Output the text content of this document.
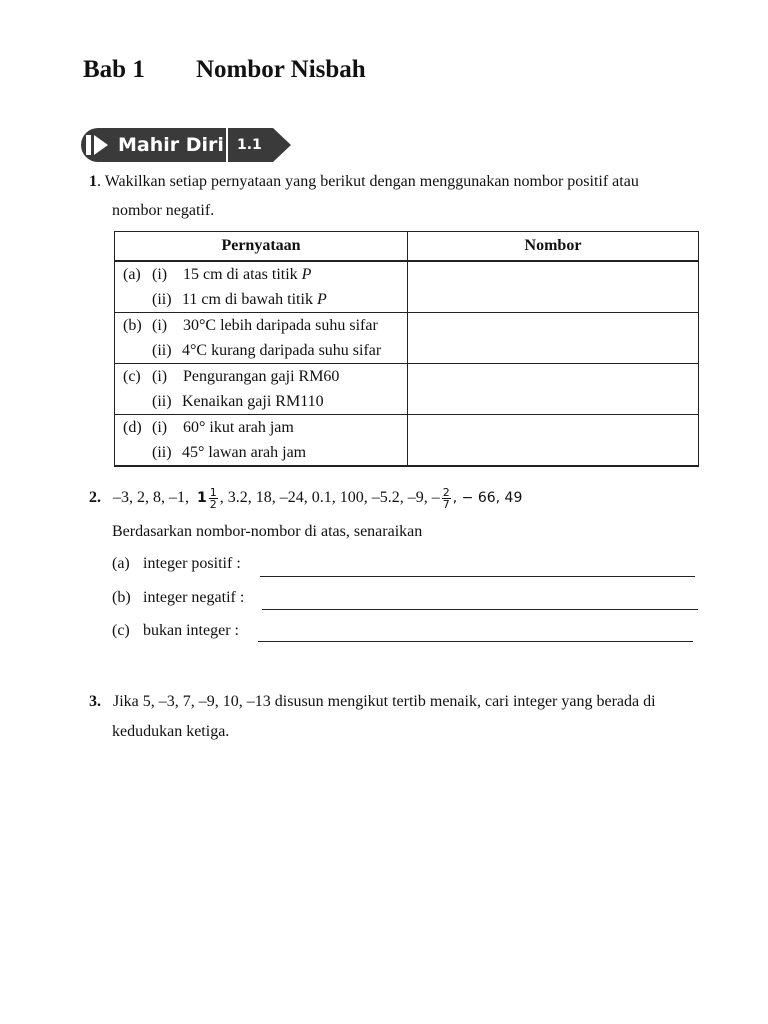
Bab 1 Nombor Nisbah
Mahir Diri 1.1
1. Wakilkan setiap pernyataan yang berikut dengan menggunakan nombor positif atau
nombor negatif.
Pernyataan	Nombor

(a) (i) 15 cm di atas titik P
(ii) 11 cm di bawah titik P	

(b) (i) 30°C lebih daripada suhu sifar
(ii) 4°C kurang daripada suhu sifar	

(c) (i) Pengurangan gaji RM60
(ii) Kenaikan gaji RM110	

(d) (i) 60° ikut arah jam
(ii) 45° lawan arah jam	

2. –3, 2, 8, –1, $1 \frac{1}{2}$ , 3.2, 18, –24, 0.1, 100, –5.2, –9, – $\frac{2}{7}$ , − 66, 49
Berdasarkan nombor-nombor di atas, senaraikan
(a) integer positif :
(b) integer negatif :
(c) bukan integer :
3. Jika 5, –3, 7, –9, 10, –13 disusun mengikut tertib menaik, cari integer yang berada di
kedudukan ketiga.
